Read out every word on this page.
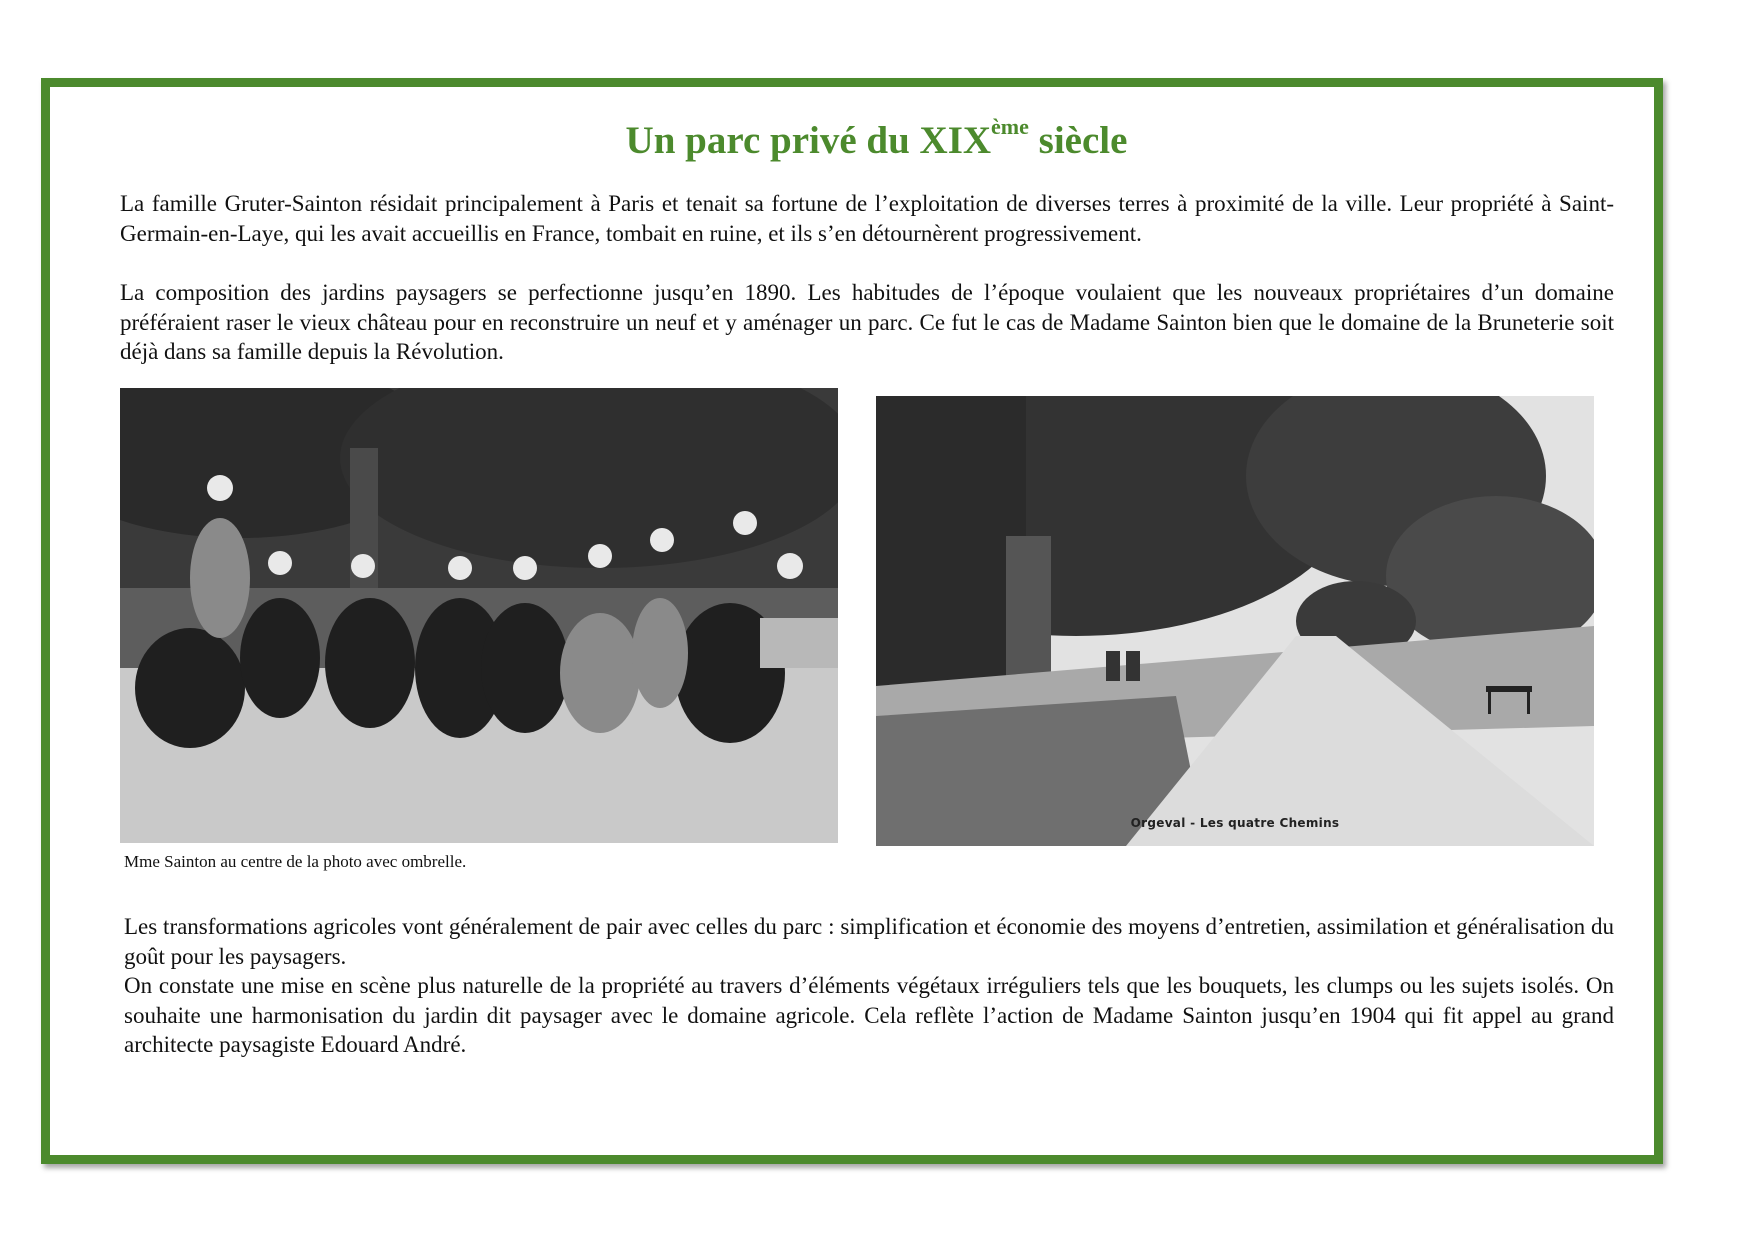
Un parc privé du XIXème siècle

La famille Gruter-Sainton résidait principalement à Paris et tenait sa fortune de l’exploitation de diverses terres à proximité de la ville. Leur propriété à Saint-Germain-en-Laye, qui les avait accueillis en France, tombait en ruine, et ils s’en détournèrent progressivement.

La composition des jardins paysagers se perfectionne jusqu’en 1890. Les habitudes de l’époque voulaient que les nouveaux propriétaires d’un domaine préféraient raser le vieux château pour en reconstruire un neuf et y aménager un parc. Ce fut le cas de Madame Sainton bien que le domaine de la Bruneterie soit déjà dans sa famille depuis la Révolution.

Mme Sainton au centre de la photo avec ombrelle.
Orgeval - Les quatre Chemins

Les transformations agricoles vont généralement de pair avec celles du parc : simplification et économie des moyens d’entretien, assimilation et généralisation du goût pour les paysagers.

On constate une mise en scène plus naturelle de la propriété au travers d’éléments végétaux irréguliers tels que les bouquets, les clumps ou les sujets isolés. On souhaite une harmonisation du jardin dit paysager avec le domaine agricole. Cela reflète l’action de Madame Sainton jusqu’en 1904 qui fit appel au grand architecte paysagiste Edouard André.
